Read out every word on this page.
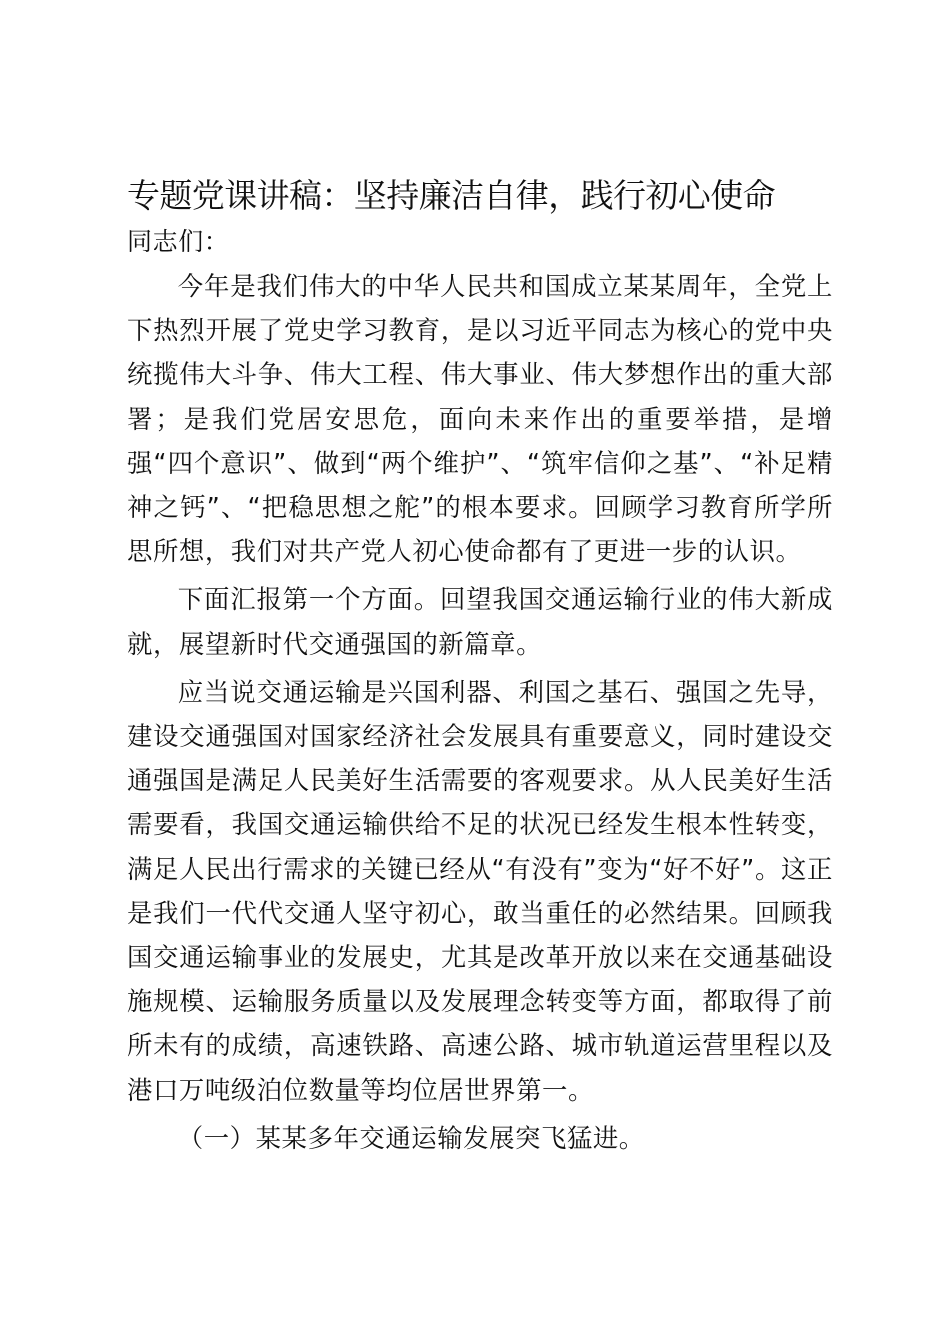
专题党课讲稿：坚持廉洁自律，践行初心使命

同志们：

今年是我们伟大的中华人民共和国成立某某周年，全党上下热烈开展了党史学习教育，是以习近平同志为核心的党中央统揽伟大斗争、伟大工程、伟大事业、伟大梦想作出的重大部署；是我们党居安思危，面向未来作出的重要举措，是增强“四个意识”、做到“两个维护”、“筑牢信仰之基”、“补足精神之钙”、“把稳思想之舵”的根本要求。回顾学习教育所学所思所想，我们对共产党人初心使命都有了更进一步的认识。

下面汇报第一个方面。回望我国交通运输行业的伟大新成就，展望新时代交通强国的新篇章。

应当说交通运输是兴国利器、利国之基石、强国之先导，建设交通强国对国家经济社会发展具有重要意义，同时建设交通强国是满足人民美好生活需要的客观要求。从人民美好生活需要看，我国交通运输供给不足的状况已经发生根本性转变，满足人民出行需求的关键已经从“有没有”变为“好不好”。这正是我们一代代交通人坚守初心，敢当重任的必然结果。回顾我国交通运输事业的发展史，尤其是改革开放以来在交通基础设施规模、运输服务质量以及发展理念转变等方面，都取得了前所未有的成绩，高速铁路、高速公路、城市轨道运营里程以及港口万吨级泊位数量等均位居世界第一。

（一）某某多年交通运输发展突飞猛进。
